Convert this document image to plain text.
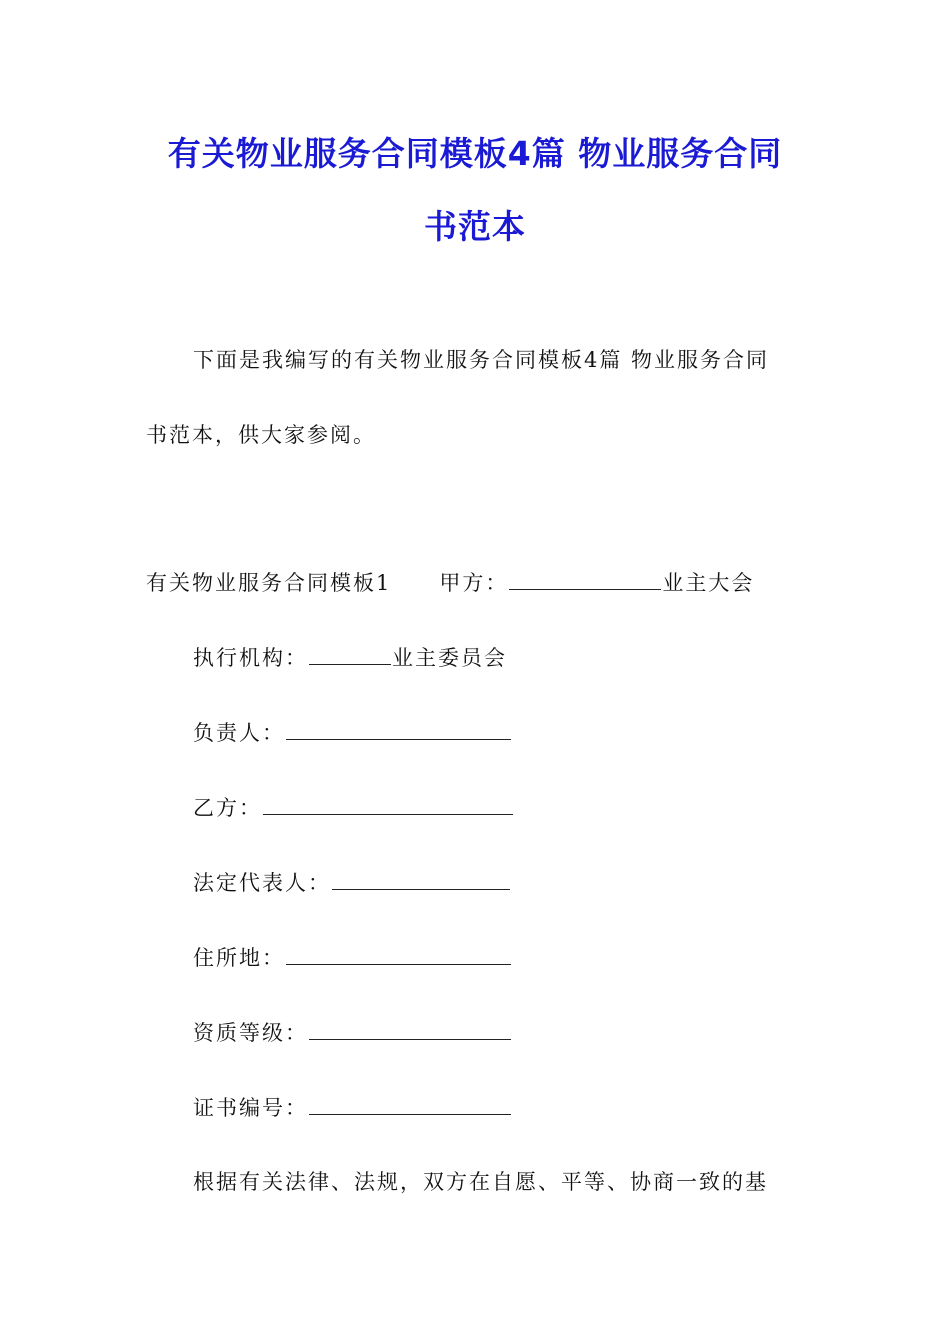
有关物业服务合同模板4篇 物业服务合同
书范本

下面是我编写的有关物业服务合同模板4篇 物业服务合同

书范本，供大家参阅。

有关物业服务合同模板1 甲方：	业主大会

执行机构：	业主委员会

负责人：

乙方：

法定代表人：

住所地：

资质等级：

证书编号：

根据有关法律、法规，双方在自愿、平等、协商一致的基
